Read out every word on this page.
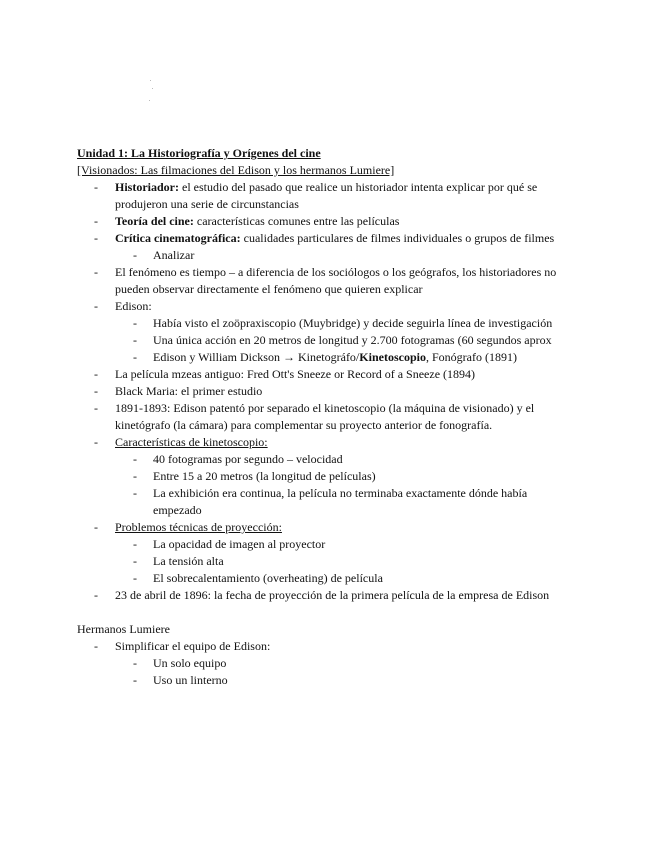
Unidad 1: La Historiografía y Orígenes del cine

[Visionados: Las filmaciones del Edison y los hermanos Lumiere]

- Historiador: el estudio del pasado que realice un historiador intenta explicar por qué se produjeron una serie de circunstancias
- Teoría del cine: características comunes entre las películas
- Crítica cinematográfica: cualidades particulares de filmes individuales o grupos de filmes
- Analizar
- El fenómeno es tiempo – a diferencia de los sociólogos o los geógrafos, los historiadores no pueden observar directamente el fenómeno que quieren explicar
- Edison:
- Había visto el zoöpraxiscopio (Muybridge) y decide seguirla línea de investigación
- Una única acción en 20 metros de longitud y 2.700 fotogramas (60 segundos aprox
- Edison y William Dickson → Kinetográfo/Kinetoscopio, Fonógrafo (1891)
- La película mzeas antiguo: Fred Ott's Sneeze or Record of a Sneeze (1894)
- Black Maria: el primer estudio
- 1891-1893: Edison patentó por separado el kinetoscopio (la máquina de visionado) y el kinetógrafo (la cámara) para complementar su proyecto anterior de fonografía.
- Características de kinetoscopio:
- 40 fotogramas por segundo – velocidad
- Entre 15 a 20 metros (la longitud de películas)
- La exhibición era continua, la película no terminaba exactamente dónde había empezado
- Problemos técnicas de proyección:
- La opacidad de imagen al proyector
- La tensión alta
- El sobrecalentamiento (overheating) de película
- 23 de abril de 1896: la fecha de proyección de la primera película de la empresa de Edison

Hermanos Lumiere

- Simplificar el equipo de Edison:
- Un solo equipo
- Uso un linterno
